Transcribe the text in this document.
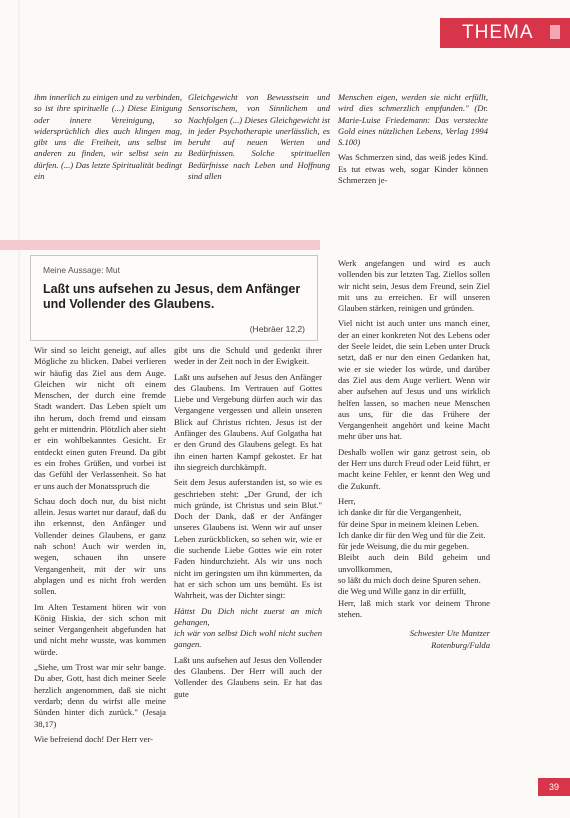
THEMA

ihm innerlich zu einigen und zu verbinden, so ist ihre spirituelle (...) Diese Einigung oder innere Vereinigung, so widersprüchlich dies auch klingen mag, gibt uns die Freiheit, uns selbst im anderen zu finden, wir selbst sein zu dürfen. (...) Das letzte Spiritualität bedingt ein

Gleichgewicht von Bewusstsein und Sensorischem, von Sinnlichem und Nachfolgen (...) Dieses Gleichgewicht ist in jeder Psychotherapie unerlässlich, es beruht auf neuen Werten und Bedürfnissen. Solche spirituellen Bedürfnisse nach Leben und Hoffnung sind allen

Menschen eigen, werden sie nicht erfüllt, wird dies schmerzlich empfunden." (Dr. Marie-Luise Friedemann: Das versteckte Gold eines nützlichen Lebens, Verlag 1994 S.100)

Was Schmerzen sind, das weiß jedes Kind. Es tut etwas weh, sogar Kinder können Schmerzen je-

Meine Aussage: Mut
Laßt uns aufsehen zu Jesus, dem Anfänger und Vollender des Glaubens.
(Hebräer 12,2)

Wir sind so leicht geneigt, auf alles Mögliche zu blicken. Dabei verlieren wir häufig das Ziel aus dem Auge. Gleichen wir nicht oft einem Menschen, der durch eine fremde Stadt wandert. Das Leben spielt um ihn herum, doch fremd und einsam geht er mittendrin. Plötzlich aber sieht er ein wohlbekanntes Gesicht. Er entdeckt einen guten Freund. Da gibt es ein frohes Grüßen, und vorbei ist das Gefühl der Verlassenheit. So hat er uns auch der Monatsspruch die

Schau doch doch nur, du bist nicht allein. Jesus wartet nur darauf, daß du ihn erkennst, den Anfänger und Vollender deines Glaubens, er ganz nah schon! Auch wir werden in, wegen, schauen ihn unsere Vergangenheit, mit der wir uns abplagen und es nicht froh werden sollen.

Im Alten Testament hören wir von König Hiskia, der sich schon mit seiner Vergangenheit abgefunden hat und nicht mehr wusste, was kommen würde.

„Siehe, um Trost war mir sehr bange. Du aber, Gott, hast dich meiner Seele herzlich angenommen, daß sie nicht verdarb; denn du wirfst alle meine Sünden hinter dich zurück." (Jesaja 38,17)

Wie befreiend doch! Der Herr ver-

gibt uns die Schuld und gedenkt ihrer weder in der Zeit noch in der Ewigkeit.

Laßt uns aufsehen auf Jesus den Anfänger des Glaubens. Im Vertrauen auf Gottes Liebe und Vergebung dürfen auch wir das Vergangene vergessen und allein unseren Blick auf Christus richten. Jesus ist der Anfänger des Glaubens. Auf Golgatha hat er den Grund des Glaubens gelegt. Es hat ihn einen harten Kampf gekostet. Er hat ihn siegreich durchkämpft.

Seit dem Jesus auferstanden ist, so wie es geschrieben steht: „Der Grund, der ich mich gründe, ist Christus und sein Blut." Doch der Dank, daß er der Anfänger unseres Glaubens ist. Wenn wir auf unser Leben zurückblicken, so sehen wir, wie er die suchende Liebe Gottes wie ein roter Faden hindurchzieht. Als wir uns noch nicht im geringsten um ihn kümmerten, da hat er sich schon um uns bemüht. Es ist Wahrheit, was der Dichter singt:

Hättst Du Dich nicht zuerst an mich gehangen,

ich wär von selbst Dich wohl nicht suchen gangen.

Laßt uns aufsehen auf Jesus den Vollender des Glaubens. Der Herr will auch der Vollender des Glaubens sein. Er hat das gute

Werk angefangen und wird es auch vollenden bis zur letzten Tag. Ziellos sollen wir nicht sein, Jesus dem Freund, sein Ziel mit uns zu erreichen. Er will unseren Glauben stärken, reinigen und gründen.

Viel nicht ist auch unter uns manch einer, der an einer konkreten Not des Lebens oder der Seele leidet, die sein Leben unter Druck setzt, daß er nur den einen Gedanken hat, wie er sie wieder los würde, und darüber das Ziel aus dem Auge verliert. Wenn wir aber aufsehen auf Jesus und uns wirklich helfen lassen, so machen neue Menschen aus uns, für die das Frühere der Vergangenheit angehört und keine Macht mehr über uns hat.

Deshalb wollen wir ganz getrost sein, ob der Herr uns durch Freud oder Leid führt, er macht keine Fehler, er kennt den Weg und die Zukunft.

Herr,

ich danke dir für die Vergangenheit,

für deine Spur in meinem kleinen Leben.

Ich danke dir für den Weg und für die Zeit.

für jede Weisung, die du mir gegeben.

Bleibt auch dein Bild geheim und unvollkommen,

so läßt du mich doch deine Spuren sehen.

die Weg und Wille ganz in dir erfüllt,

Herr, laß mich stark vor deinem Throne stehen.

Schwester Ute Mantzer

Rotenburg/Fulda

39
